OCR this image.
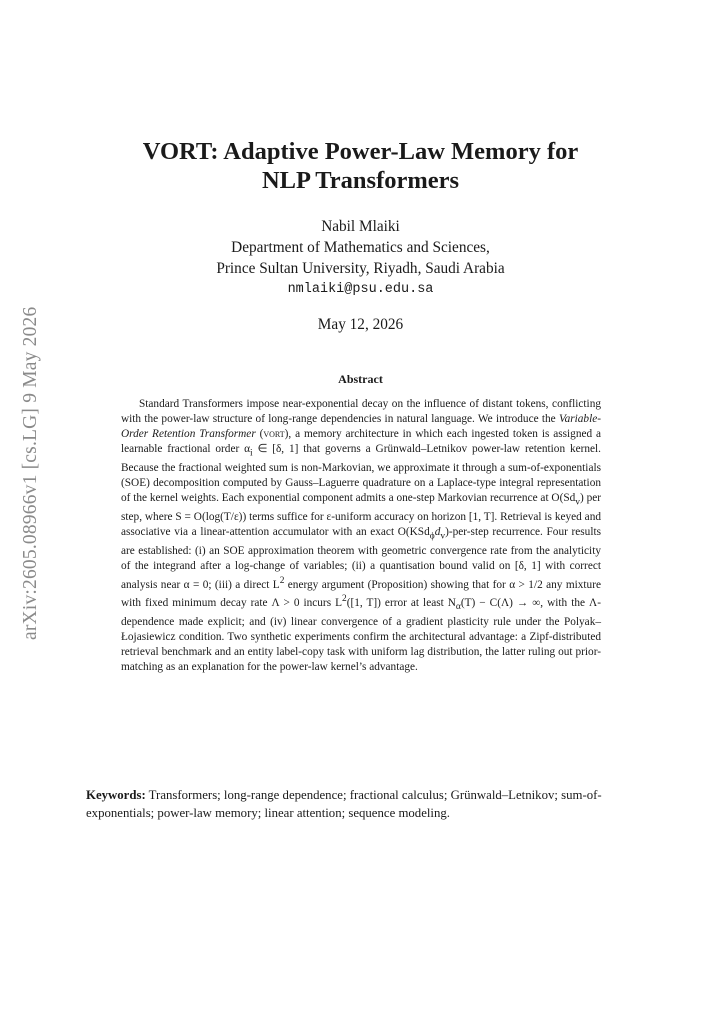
arXiv:2605.08966v1 [cs.LG] 9 May 2026
VORT: Adaptive Power-Law Memory for
NLP Transformers
Nabil Mlaiki
Department of Mathematics and Sciences,
Prince Sultan University, Riyadh, Saudi Arabia
nmlaiki@psu.edu.sa
May 12, 2026
Abstract

Standard Transformers impose near-exponential decay on the influence of distant tokens, conflicting with the power-law structure of long-range dependencies in natural language. We introduce the Variable-Order Retention Transformer (vort), a memory architecture in which each ingested token is assigned a learnable fractional order $\alpha_i$ ∈ [δ, 1] that governs a Grünwald–Letnikov power-law retention kernel. Because the fractional weighted sum is non-Markovian, we approximate it through a sum-of-exponentials (SOE) decomposition computed by Gauss–Laguerre quadrature on a Laplace-type integral representation of the kernel weights. Each exponential component admits a one-step Markovian recurrence at $O(Sd_v)$ per step, where S = O(log(T/ε)) terms suffice for ε-uniform accuracy on horizon [1, T]. Retrieval is keyed and associative via a linear-attention accumulator with an exact $O(KSd_\phi d_v)-per$-step recurrence. Four results are established: (i) an SOE approximation theorem with geometric convergence rate from the analyticity of the integrand after a log-change of variables; (ii) a quantisation bound valid on [δ, 1] with correct analysis near α = 0; (iii) a direct $L^2$ energy argument (Proposition) showing that for α > 1/2 any mixture with fixed minimum decay rate Λ > 0 incurs $L^2([1$, T]) error at least $N_\alpha(T) - C(\Lambda)$ → ∞, with the Λ-dependence made explicit; and (iv) linear convergence of a gradient plasticity rule under the Polyak–Łojasiewicz condition. Two synthetic experiments confirm the architectural advantage: a Zipf-distributed retrieval benchmark and an entity label-copy task with uniform lag distribution, the latter ruling out prior-matching as an explanation for the power-law kernel’s advantage.

Keywords: Transformers; long-range dependence; fractional calculus; Grünwald–Letnikov; sum-of-exponentials; power-law memory; linear attention; sequence modeling.
